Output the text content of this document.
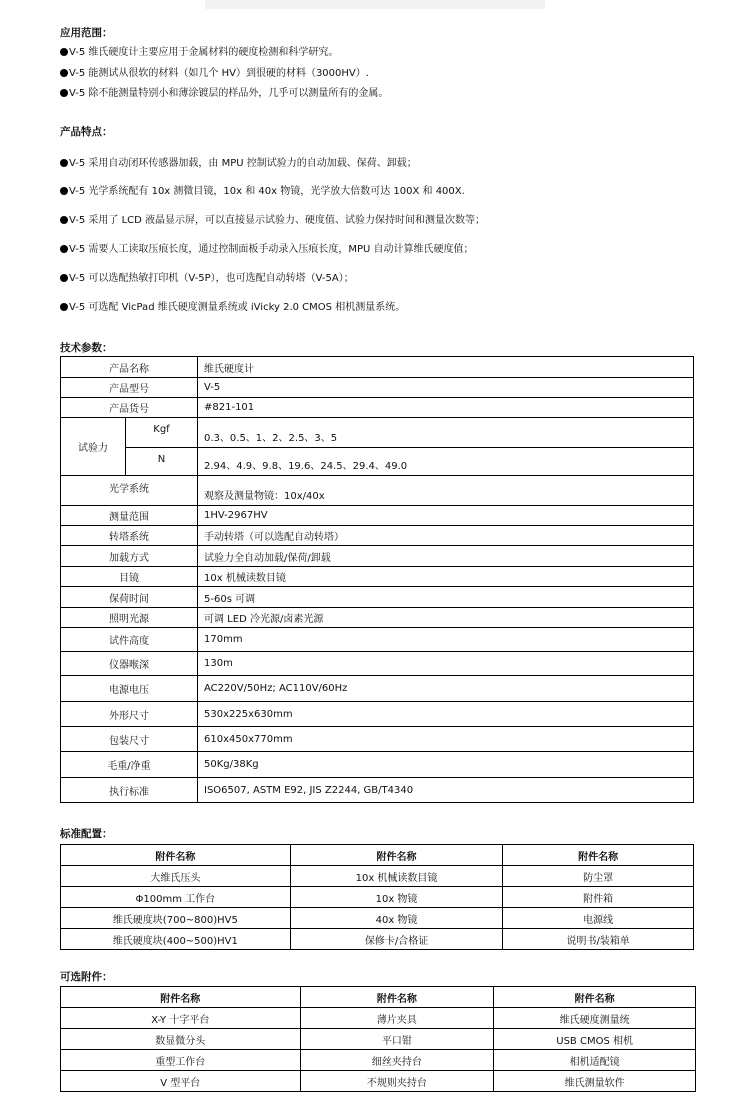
应用范围：
V-5 维氏硬度计主要应用于金属材料的硬度检测和科学研究。
V-5 能测试从很软的材料（如几个 HV）到很硬的材料（3000HV）.
V-5 除不能测量特别小和薄涂镀层的样品外，几乎可以测量所有的金属。
产品特点：
V-5 采用自动闭环传感器加载，由 MPU 控制试验力的自动加载、保荷、卸载；
V-5 光学系统配有 10x 测微目镜，10x 和 40x 物镜，光学放大倍数可达 100X 和 400X.
V-5 采用了 LCD 液晶显示屏，可以直接显示试验力、硬度值、试验力保持时间和测量次数等；
V-5 需要人工读取压痕长度，通过控制面板手动录入压痕长度，MPU 自动计算维氏硬度值；
V-5 可以选配热敏打印机（V-5P），也可选配自动转塔（V-5A）；
V-5 可选配 VicPad 维氏硬度测量系统或 iVicky 2.0 CMOS 相机测量系统。
技术参数：
产品名称		维氏硬度计
产品型号		V-5
产品货号		#821-101
试验力	Kgf	0.3、0.5、1、2、2.5、3、5
	N	2.94、4.9、9.8、19.6、24.5、29.4、49.0
光学系统		观察及测量物镜：10x/40x
测量范围		1HV-2967HV
转塔系统		手动转塔（可以选配自动转塔）
加载方式		试验力全自动加载/保荷/卸载
目镜		10x 机械读数目镜
保荷时间		5-60s 可调
照明光源		可调 LED 冷光源/卤素光源
试件高度		170mm
仪器喉深		130m
电源电压		AC220V/50Hz; AC110V/60Hz
外形尺寸		530x225x630mm
包装尺寸		610x450x770mm
毛重/净重		50Kg/38Kg
执行标准		ISO6507, ASTM E92, JIS Z2244, GB/T4340
标准配置：
附件名称	附件名称	附件名称
大维氏压头	10x 机械读数目镜	防尘罩
Φ100mm 工作台	10x 物镜	附件箱
维氏硬度块(700~800)HV5	40x 物镜	电源线
维氏硬度块(400~500)HV1	保修卡/合格证	说明书/装箱单
可选附件：
附件名称	附件名称	附件名称
X-Y 十字平台	薄片夹具	维氏硬度测量统
数显微分头	平口钳	USB CMOS 相机
重型工作台	细丝夹持台	相机适配镜
V 型平台	不规则夹持台	维氏测量软件
